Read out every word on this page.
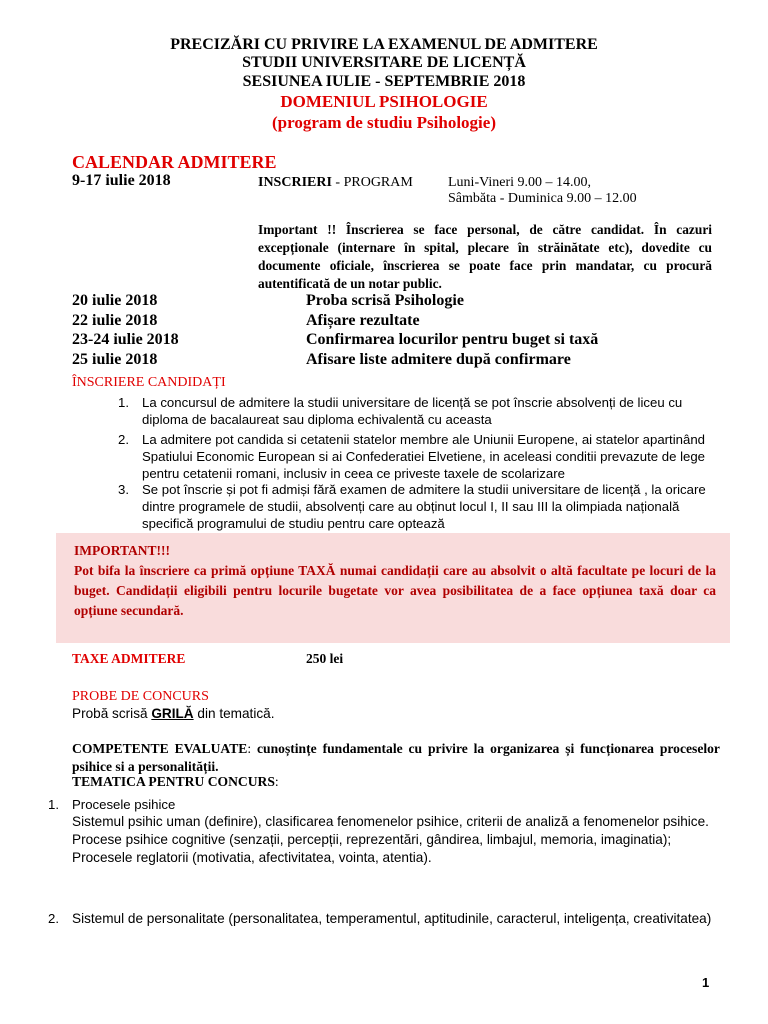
PRECIZĂRI CU PRIVIRE LA EXAMENUL DE ADMITERE
STUDII UNIVERSITARE DE LICENȚĂ
SESIUNEA IULIE - SEPTEMBRIE 2018
DOMENIUL PSIHOLOGIE
(program de studiu Psihologie)
CALENDAR ADMITERE
9-17 iulie 2018	INSCRIERI - PROGRAM	Luni-Vineri 9.00 – 14.00,
Sâmbăta - Duminica 9.00 – 12.00
Important !! Înscrierea se face personal, de către candidat. În cazuri excepționale (internare în spital, plecare în străinătate etc), dovedite cu documente oficiale, înscrierea se poate face prin mandatar, cu procură autentificată de un notar public.
20 iulie 2018	Proba scrisă Psihologie
22 iulie 2018	Afișare rezultate
23-24 iulie 2018	Confirmarea locurilor pentru buget si taxă
25 iulie 2018	Afisare liste admitere după confirmare
ÎNSCRIERE CANDIDAȚI
1. La concursul de admitere la studii universitare de licență se pot înscrie absolvenți de liceu cu diploma de bacalaureat sau diploma echivalentă cu aceasta
2. La admitere pot candida si cetatenii statelor membre ale Uniunii Europene, ai statelor apartinând Spatiului Economic European si ai Confederatiei Elvetiene, in aceleasi conditii prevazute de lege pentru cetatenii romani, inclusiv in ceea ce priveste taxele de scolarizare
3. Se pot înscrie și pot fi admiși fără examen de admitere la studii universitare de licență , la oricare dintre programele de studii, absolvenți care au obținut locul I, II sau III la olimpiada națională specifică programului de studiu pentru care optează
IMPORTANT!!!
Pot bifa la înscriere ca primă opțiune TAXĂ numai candidații care au absolvit o altă facultate pe locuri de la buget. Candidații eligibili pentru locurile bugetate vor avea posibilitatea de a face opțiunea taxă doar ca opțiune secundară.
TAXE ADMITERE	250 lei
PROBE DE CONCURS
Probă scrisă GRILĂ din tematică.
COMPETENTE EVALUATE: cunoștințe fundamentale cu privire la organizarea și funcționarea proceselor psihice si a personalității.
TEMATICA PENTRU CONCURS:
1. Procesele psihice
Sistemul psihic uman (definire), clasificarea fenomenelor psihice, criterii de analiză a fenomenelor psihice.
Procese psihice cognitive (senzații, percepții, reprezentări, gândirea, limbajul, memoria, imaginatia);
Procesele reglatorii (motivatia, afectivitatea, vointa, atentia).
2. Sistemul de personalitate (personalitatea, temperamentul, aptitudinile, caracterul, inteligența, creativitatea)
1
